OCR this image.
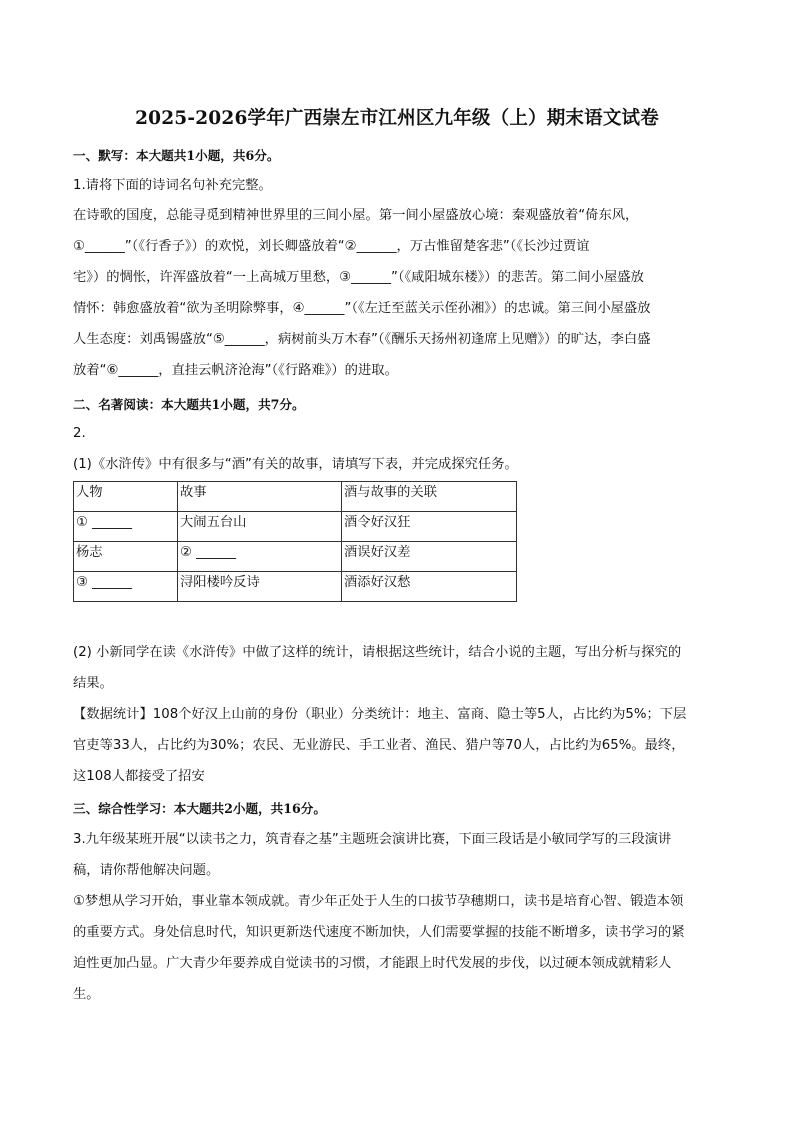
2025-2026学年广西崇左市江州区九年级（上）期末语文试卷
一、默写：本大题共1小题，共6分。
1.请将下面的诗词名句补充完整。
在诗歌的国度，总能寻觅到精神世界里的三间小屋。第一间小屋盛放心境：秦观盛放着“倚东风，
①______”（《行香子》）的欢悦，刘长卿盛放着“②______，万古惟留楚客悲”（《长沙过贾谊
宅》）的惆怅，许浑盛放着“一上高城万里愁，③______”（《咸阳城东楼》）的悲苦。第二间小屋盛放
情怀：韩愈盛放着“欲为圣明除弊事，④______”（《左迁至蓝关示侄孙湘》）的忠诚。第三间小屋盛放
人生态度：刘禹锡盛放“⑤______，病树前头万木春”（《酬乐天扬州初逢席上见赠》）的旷达，李白盛
放着“⑥______，直挂云帆济沧海”（《行路难》）的进取。
二、名著阅读：本大题共1小题，共7分。
2.
(1)《水浒传》中有很多与“酒”有关的故事，请填写下表，并完成探究任务。
人物	故事	酒与故事的关联
① ______	大闹五台山	酒令好汉狂
杨志	② ______	酒误好汉差
③ ______	浔阳楼吟反诗	酒添好汉愁
(2) 小新同学在读《水浒传》中做了这样的统计，请根据这些统计，结合小说的主题，写出分析与探究的
结果。
【数据统计】108个好汉上山前的身份（职业）分类统计：地主、富商、隐士等5人，占比约为5%；下层
官吏等33人，占比约为30%；农民、无业游民、手工业者、渔民、猎户等70人，占比约为65%。最终，
这108人都接受了招安
三、综合性学习：本大题共2小题，共16分。
3.九年级某班开展“以读书之力，筑青春之基”主题班会演讲比赛，下面三段话是小敏同学写的三段演讲
稿，请你帮他解决问题。
①梦想从学习开始，事业靠本领成就。青少年正处于人生的口拔节孕穗期口，读书是培育心智、锻造本领
的重要方式。身处信息时代，知识更新迭代速度不断加快，人们需要掌握的技能不断增多，读书学习的紧
迫性更加凸显。广大青少年要养成自觉读书的习惯，才能跟上时代发展的步伐，以过硬本领成就精彩人
生。
